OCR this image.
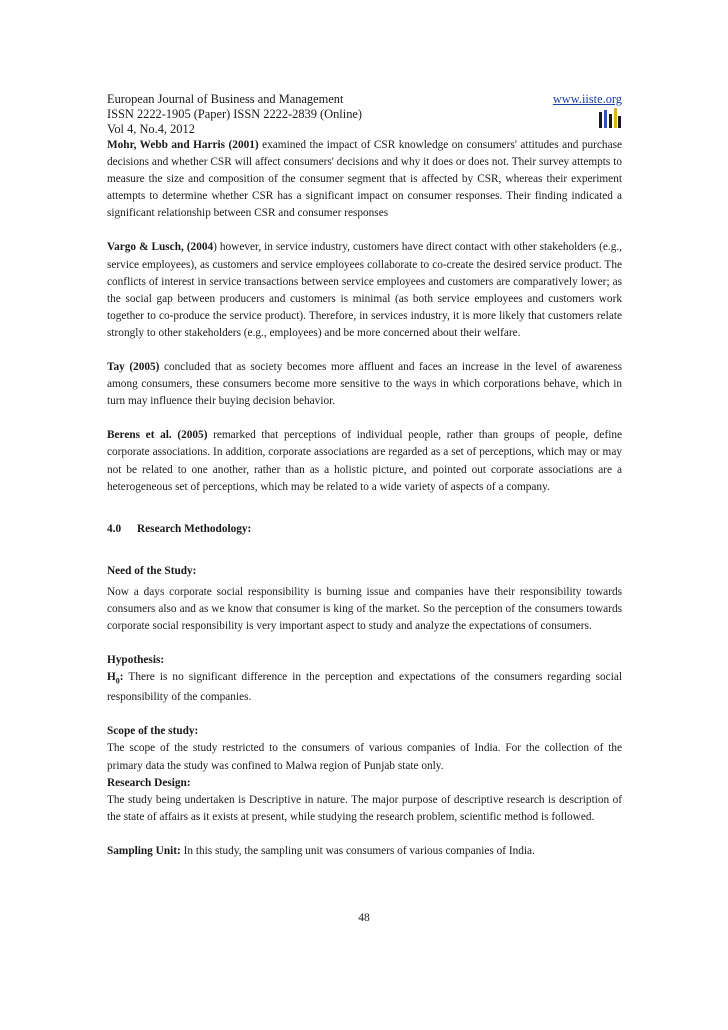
European Journal of Business and Management	www.iiste.org
ISSN 2222-1905 (Paper) ISSN 2222-2839 (Online)
Vol 4, No.4, 2012

Mohr, Webb and Harris (2001) examined the impact of CSR knowledge on consumers' attitudes and purchase decisions and whether CSR will affect consumers' decisions and why it does or does not. Their survey attempts to measure the size and composition of the consumer segment that is affected by CSR, whereas their experiment attempts to determine whether CSR has a significant impact on consumer responses. Their finding indicated a significant relationship between CSR and consumer responses

Vargo & Lusch, (2004) however, in service industry, customers have direct contact with other stakeholders (e.g., service employees), as customers and service employees collaborate to co-create the desired service product. The conflicts of interest in service transactions between service employees and customers are comparatively lower; as the social gap between producers and customers is minimal (as both service employees and customers work together to co-produce the service product). Therefore, in services industry, it is more likely that customers relate strongly to other stakeholders (e.g., employees) and be more concerned about their welfare.

Tay (2005) concluded that as society becomes more affluent and faces an increase in the level of awareness among consumers, these consumers become more sensitive to the ways in which corporations behave, which in turn may influence their buying decision behavior.

Berens et al. (2005) remarked that perceptions of individual people, rather than groups of people, define corporate associations. In addition, corporate associations are regarded as a set of perceptions, which may or may not be related to one another, rather than as a holistic picture, and pointed out corporate associations are a heterogeneous set of perceptions, which may be related to a wide variety of aspects of a company.

4.0 Research Methodology:

Need of the Study:

Now a days corporate social responsibility is burning issue and companies have their responsibility towards consumers also and as we know that consumer is king of the market. So the perception of the consumers towards corporate social responsibility is very important aspect to study and analyze the expectations of consumers.

Hypothesis:

$H_0$: There is no significant difference in the perception and expectations of the consumers regarding social responsibility of the companies.

Scope of the study:

The scope of the study restricted to the consumers of various companies of India. For the collection of the primary data the study was confined to Malwa region of Punjab state only.

Research Design:

The study being undertaken is Descriptive in nature. The major purpose of descriptive research is description of the state of affairs as it exists at present, while studying the research problem, scientific method is followed.

Sampling Unit: In this study, the sampling unit was consumers of various companies of India.

48
